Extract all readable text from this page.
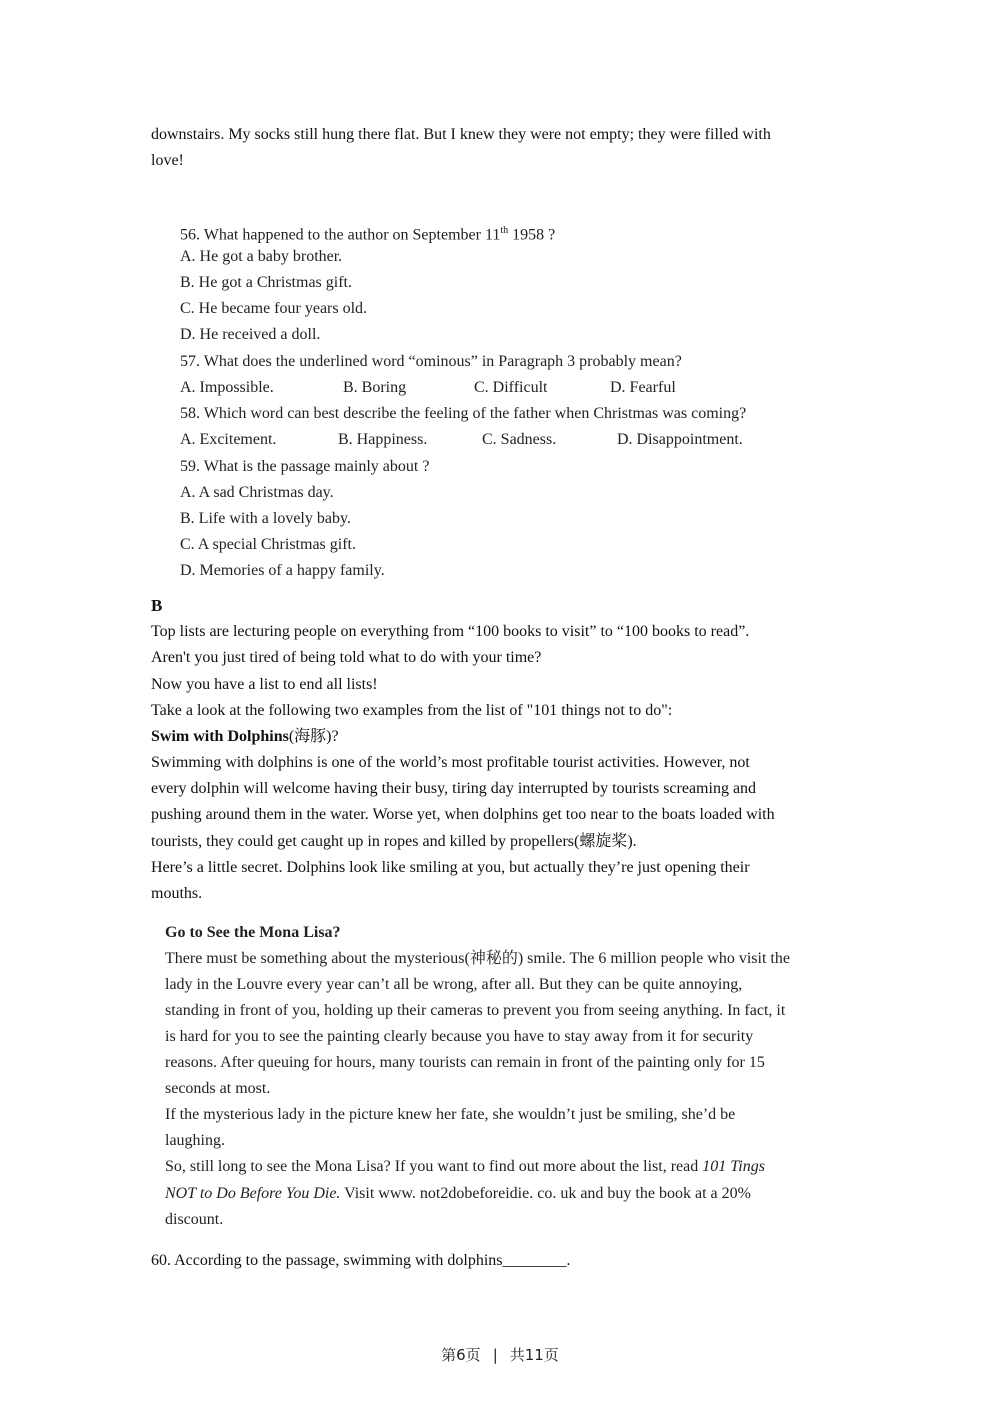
downstairs. My socks still hung there flat. But I knew they were not empty; they were filled with

love!

56. What happened to the author on September 11th 1958 ?

A. He got a baby brother.

B. He got a Christmas gift.

C. He became four years old.

D. He received a doll.

57. What does the underlined word “ominous” in Paragraph 3 probably mean?

A. Impossible.	B. Boring	C. Difficult	D. Fearful

58. Which word can best describe the feeling of the father when Christmas was coming?

A. Excitement.	B. Happiness.	C. Sadness.	D. Disappointment.

59. What is the passage mainly about ?

A. A sad Christmas day.

B. Life with a lovely baby.

C. A special Christmas gift.

D. Memories of a happy family.

B

Top lists are lecturing people on everything from “100 books to visit” to “100 books to read”.

Aren't you just tired of being told what to do with your time?

Now you have a list to end all lists!

Take a look at the following two examples from the list of "101 things not to do":

Swim with Dolphins(海豚)?

Swimming with dolphins is one of the world’s most profitable tourist activities. However, not

every dolphin will welcome having their busy, tiring day interrupted by tourists screaming and

pushing around them in the water. Worse yet, when dolphins get too near to the boats loaded with

tourists, they could get caught up in ropes and killed by propellers(螺旋桨).

Here’s a little secret. Dolphins look like smiling at you, but actually they’re just opening their

mouths.

Go to See the Mona Lisa?

There must be something about the mysterious(神秘的) smile. The 6 million people who visit the

lady in the Louvre every year can’t all be wrong, after all. But they can be quite annoying,

standing in front of you, holding up their cameras to prevent you from seeing anything. In fact, it

is hard for you to see the painting clearly because you have to stay away from it for security

reasons. After queuing for hours, many tourists can remain in front of the painting only for 15

seconds at most.

If the mysterious lady in the picture knew her fate, she wouldn’t just be smiling, she’d be

laughing.

So, still long to see the Mona Lisa? If you want to find out more about the list, read 101 Tings

NOT to Do Before You Die. Visit www. not2dobeforeidie. co. uk and buy the book at a 20%

discount.

60. According to the passage, swimming with dolphins________.

第6页 | 共11页
